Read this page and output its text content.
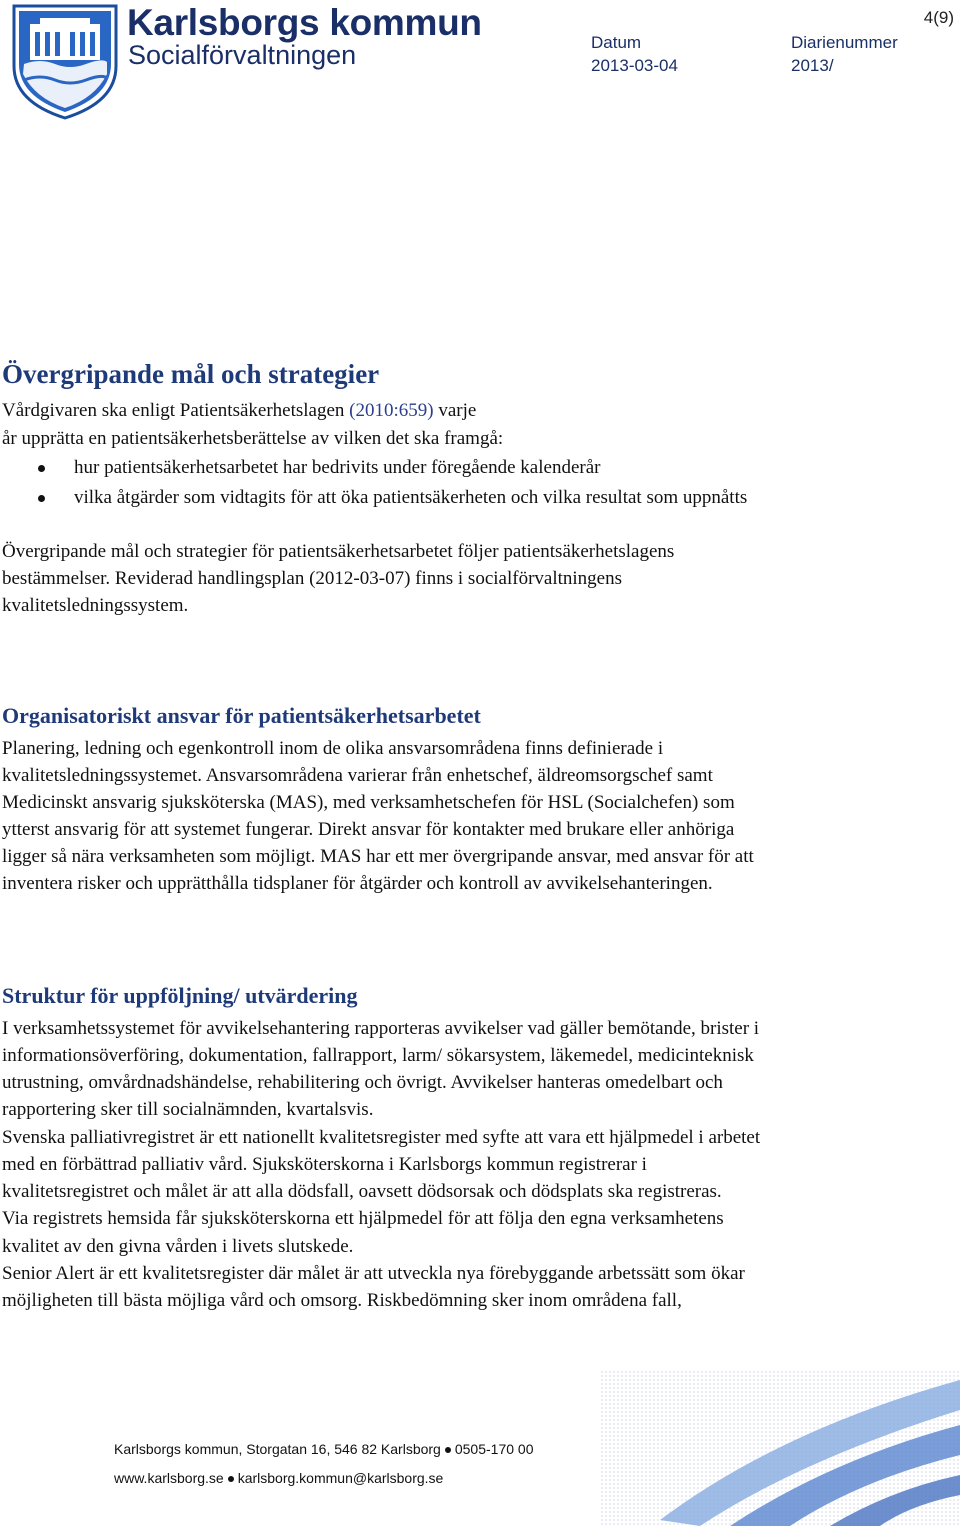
Karlsborgs kommun
Socialförvaltningen	Datum
2013-03-04
Diarienummer
2013/
4(9)
Övergripande mål och strategier
Vårdgivaren ska enligt Patientsäkerhetslagen (2010:659) varje
år upprätta en patientsäkerhetsberättelse av vilken det ska framgå:
hur patientsäkerhetsarbetet har bedrivits under föregående kalenderår
vilka åtgärder som vidtagits för att öka patientsäkerheten och vilka resultat som uppnåtts
Övergripande mål och strategier för patientsäkerhetsarbetet följer patientsäkerhetslagens
bestämmelser. Reviderad handlingsplan (2012-03-07) finns i socialförvaltningens
kvalitetsledningssystem.
Organisatoriskt ansvar för patientsäkerhetsarbetet
Planering, ledning och egenkontroll inom de olika ansvarsområdena finns definierade i
kvalitetsledningssystemet. Ansvarsområdena varierar från enhetschef, äldreomsorgschef samt
Medicinskt ansvarig sjuksköterska (MAS), med verksamhetschefen för HSL (Socialchefen) som
ytterst ansvarig för att systemet fungerar. Direkt ansvar för kontakter med brukare eller anhöriga
ligger så nära verksamheten som möjligt. MAS har ett mer övergripande ansvar, med ansvar för att
inventera risker och upprätthålla tidsplaner för åtgärder och kontroll av avvikelsehanteringen.
Struktur för uppföljning/ utvärdering
I verksamhetssystemet för avvikelsehantering rapporteras avvikelser vad gäller bemötande, brister i
informationsöverföring, dokumentation, fallrapport, larm/ sökarsystem, läkemedel, medicinteknisk
utrustning, omvårdnadshändelse, rehabilitering och övrigt. Avvikelser hanteras omedelbart och
rapportering sker till socialnämnden, kvartalsvis.
Svenska palliativregistret är ett nationellt kvalitetsregister med syfte att vara ett hjälpmedel i arbetet
med en förbättrad palliativ vård. Sjuksköterskorna i Karlsborgs kommun registrerar i
kvalitetsregistret och målet är att alla dödsfall, oavsett dödsorsak och dödsplats ska registreras.
Via registrets hemsida får sjuksköterskorna ett hjälpmedel för att följa den egna verksamhetens
kvalitet av den givna vården i livets slutskede.
Senior Alert är ett kvalitetsregister där målet är att utveckla nya förebyggande arbetssätt som ökar
möjligheten till bästa möjliga vård och omsorg. Riskbedömning sker inom områdena fall,
Karlsborgs kommun, Storgatan 16, 546 82 Karlsborg 0505-170 00
www.karlsborg.se karlsborg.kommun@karlsborg.se
